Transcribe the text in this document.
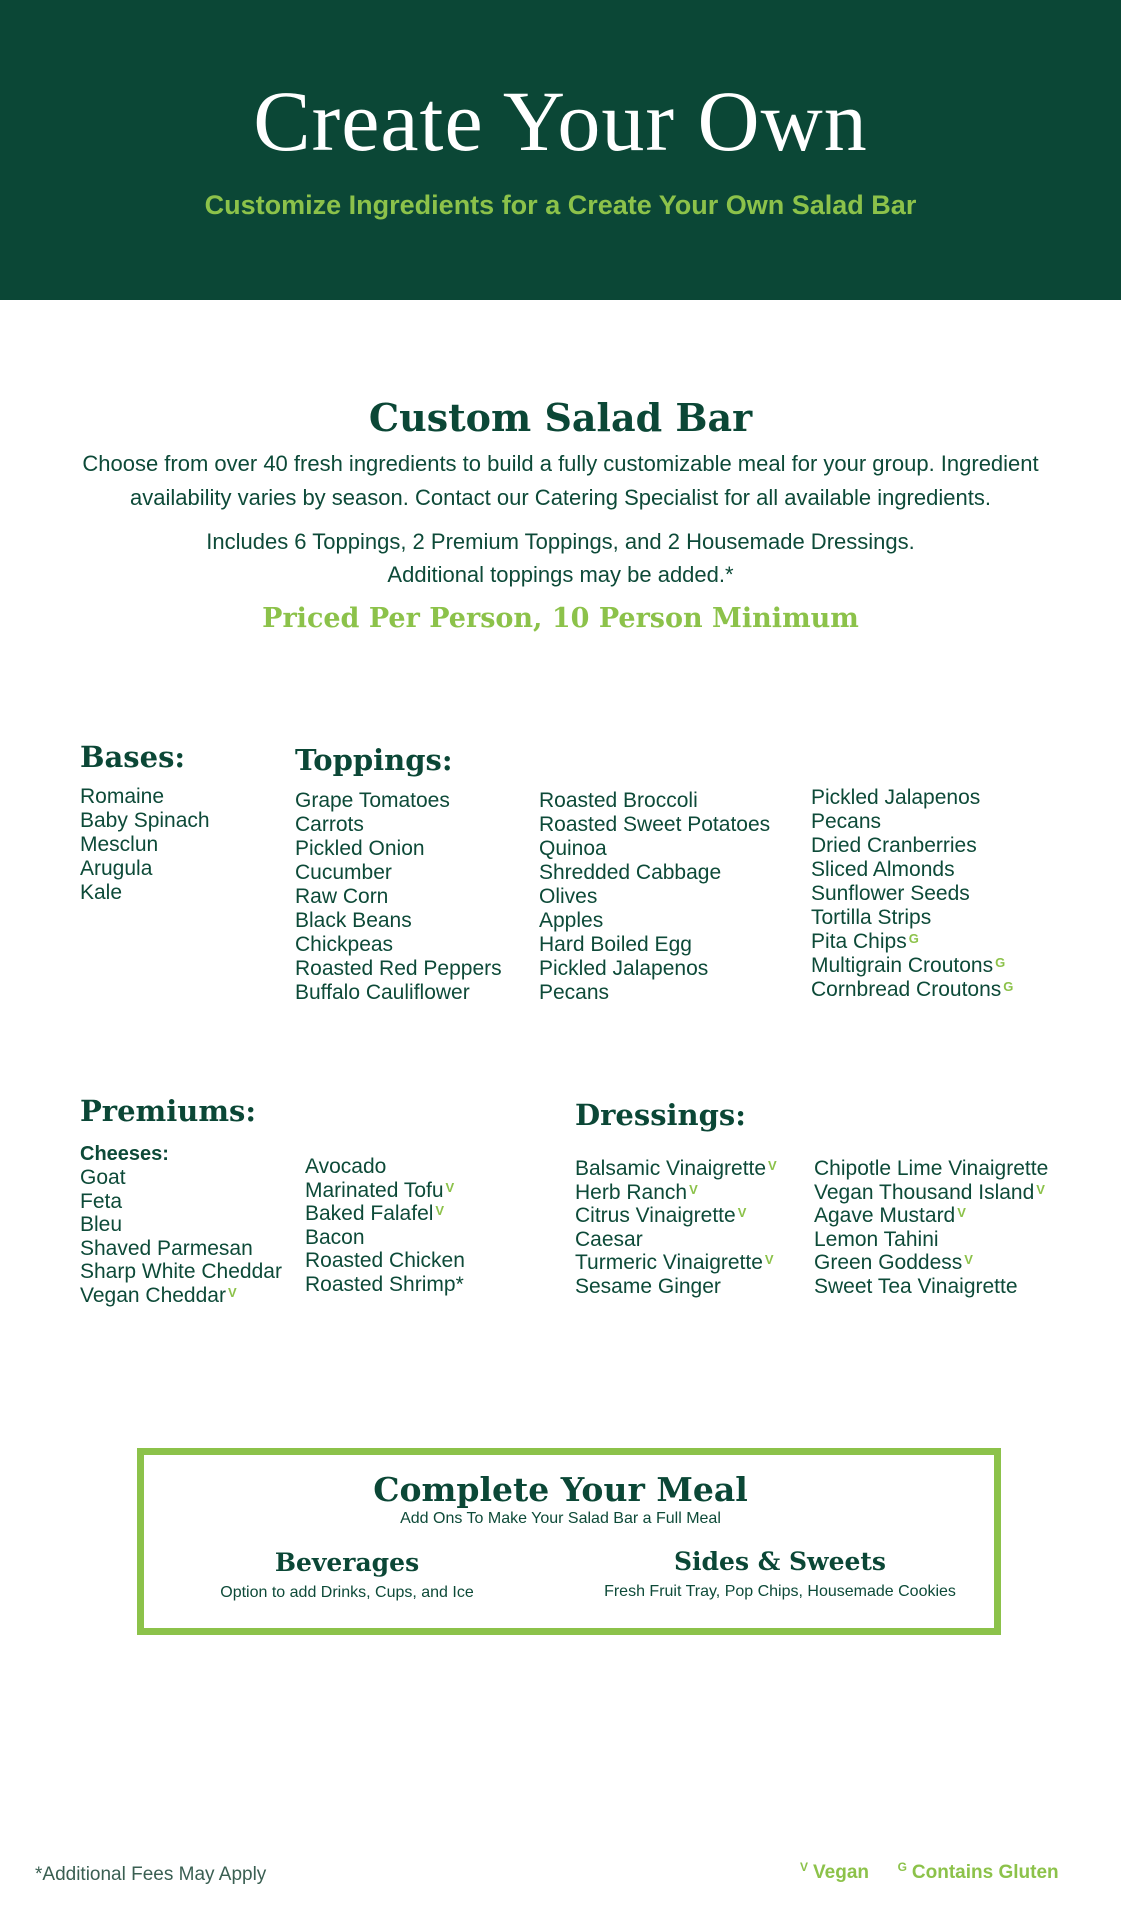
Create Your Own
Customize Ingredients for a Create Your Own Salad Bar
Custom Salad Bar
Choose from over 40 fresh ingredients to build a fully customizable meal for your group. Ingredient
availability varies by season. Contact our Catering Specialist for all available ingredients.
Includes 6 Toppings, 2 Premium Toppings, and 2 Housemade Dressings.
Additional toppings may be added.*
Priced Per Person, 10 Person Minimum
Bases:
Romaine
Baby Spinach
Mesclun
Arugula
Kale
Toppings:
Grape Tomatoes
Carrots
Pickled Onion
Cucumber
Raw Corn
Black Beans
Chickpeas
Roasted Red Peppers
Buffalo Cauliflower
Roasted Broccoli
Roasted Sweet Potatoes
Quinoa
Shredded Cabbage
Olives
Apples
Hard Boiled Egg
Pickled Jalapenos
Pecans
Pickled Jalapenos
Pecans
Dried Cranberries
Sliced Almonds
Sunflower Seeds
Tortilla Strips
Pita Chips $^G$
Multigrain Croutons $^G$
Cornbread Croutons $^G$
Premiums:
Cheeses:
Goat
Feta
Bleu
Shaved Parmesan
Sharp White Cheddar
Vegan Cheddar $^V$
Avocado
Marinated Tofu $^V$
Baked Falafel $^V$
Bacon
Roasted Chicken
Roasted Shrimp*
Dressings:
Balsamic Vinaigrette $^V$
Herb Ranch $^V$
Citrus Vinaigrette $^V$
Caesar
Turmeric Vinaigrette $^V$
Sesame Ginger
Chipotle Lime Vinaigrette
Vegan Thousand Island $^V$
Agave Mustard $^V$
Lemon Tahini
Green Goddess $^V$
Sweet Tea Vinaigrette
Complete Your Meal
Add Ons To Make Your Salad Bar a Full Meal
Beverages
Option to add Drinks, Cups, and Ice
Sides & Sweets
Fresh Fruit Tray, Pop Chips, Housemade Cookies
*Additional Fees May Apply	$^V$ Vegan $^G$ Contains Gluten
